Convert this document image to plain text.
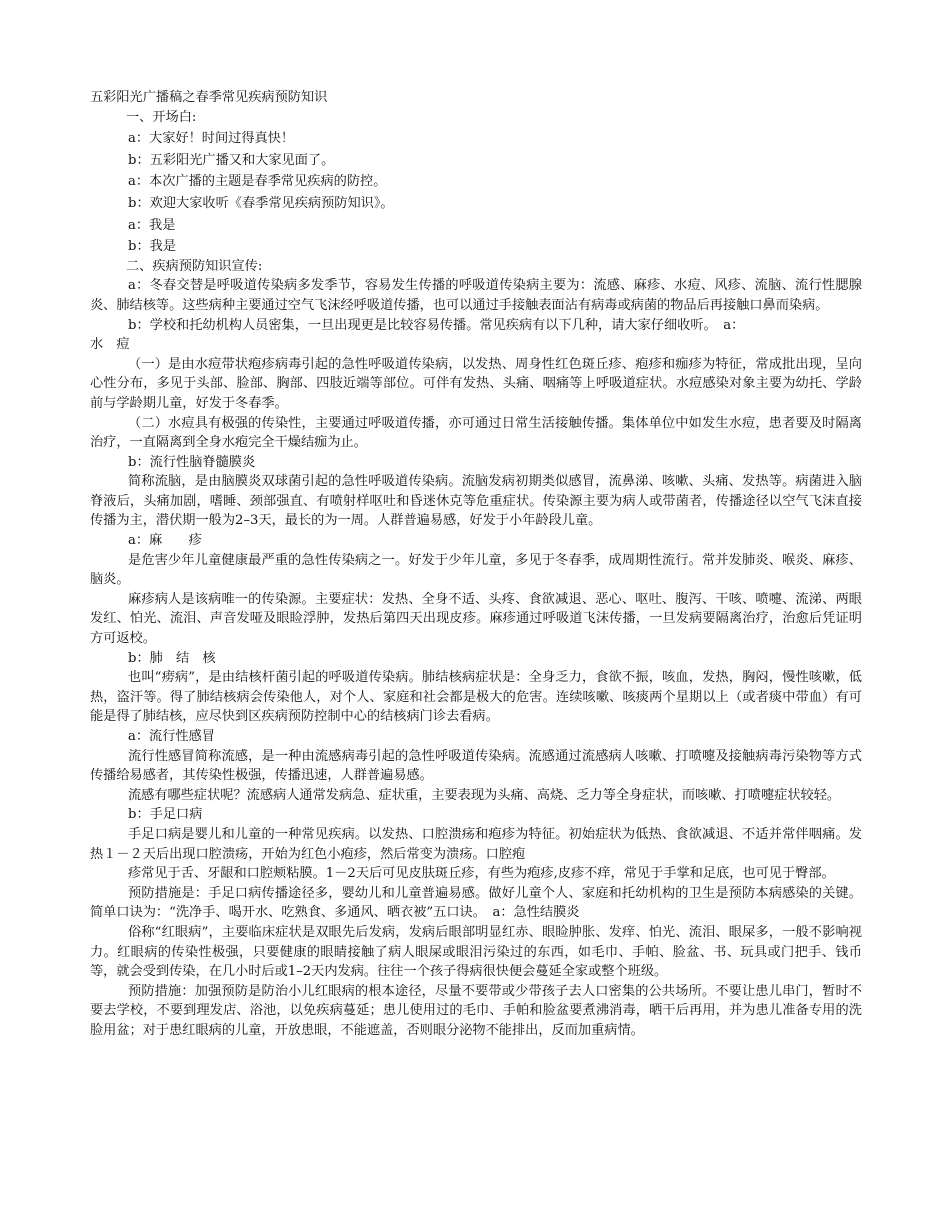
五彩阳光广播稿之春季常见疾病预防知识

一、开场白:

a：大家好！时间过得真快！

b：五彩阳光广播又和大家见面了。

a：本次广播的主题是春季常见疾病的防控。

b：欢迎大家收听《春季常见疾病预防知识》。

a：我是

b：我是

二、疾病预防知识宣传:

a：冬春交替是呼吸道传染病多发季节，容易发生传播的呼吸道传染病主要为：流感、麻疹、水痘、风疹、流脑、流行性腮腺炎、肺结核等。这些病种主要通过空气飞沫经呼吸道传播，也可以通过手接触表面沾有病毒或病菌的物品后再接触口鼻而染病。

b：学校和托幼机构人员密集，一旦出现更是比较容易传播。常见疾病有以下几种，请大家仔细收听。　a：

水　痘

（一）是由水痘带状疱疹病毒引起的急性呼吸道传染病，以发热、周身性红色斑丘疹、疱疹和痂疹为特征，常成批出现，呈向心性分布，多见于头部、脸部、胸部、四肢近端等部位。可伴有发热、头痛、咽痛等上呼吸道症状。水痘感染对象主要为幼托、学龄前与学龄期儿童，好发于冬春季。

（二）水痘具有极强的传染性，主要通过呼吸道传播，亦可通过日常生活接触传播。集体单位中如发生水痘，患者要及时隔离治疗，一直隔离到全身水疱完全干燥结痂为止。

b：流行性脑脊髓膜炎

简称流脑，是由脑膜炎双球菌引起的急性呼吸道传染病。流脑发病初期类似感冒，流鼻涕、咳嗽、头痛、发热等。病菌进入脑脊液后，头痛加剧，嗜睡、颈部强直、有喷射样呕吐和昏迷休克等危重症状。传染源主要为病人或带菌者，传播途径以空气飞沫直接传播为主，潜伏期一般为2–3天，最长的为一周。人群普遍易感，好发于小年龄段儿童。

a：麻　　疹

是危害少年儿童健康最严重的急性传染病之一。好发于少年儿童，多见于冬春季，成周期性流行。常并发肺炎、喉炎、麻疹、脑炎。

麻疹病人是该病唯一的传染源。主要症状：发热、全身不适、头疼、食欲减退、恶心、呕吐、腹泻、干咳、喷嚏、流涕、两眼发红、怕光、流泪、声音发哑及眼睑浮肿，发热后第四天出现皮疹。麻疹通过呼吸道飞沫传播，一旦发病要隔离治疗，治愈后凭证明方可返校。

b：肺　结　核

也叫“痨病”，是由结核杆菌引起的呼吸道传染病。肺结核病症状是：全身乏力，食欲不振，咳血，发热，胸闷，慢性咳嗽，低热，盗汗等。得了肺结核病会传染他人，对个人、家庭和社会都是极大的危害。连续咳嗽、咳痰两个星期以上（或者痰中带血）有可能是得了肺结核，应尽快到区疾病预防控制中心的结核病门诊去看病。

a：流行性感冒

流行性感冒简称流感，是一种由流感病毒引起的急性呼吸道传染病。流感通过流感病人咳嗽、打喷嚏及接触病毒污染物等方式传播给易感者，其传染性极强，传播迅速，人群普遍易感。

流感有哪些症状呢？流感病人通常发病急、症状重，主要表现为头痛、高烧、乏力等全身症状，而咳嗽、打喷嚏症状较轻。

b：手足口病

手足口病是婴儿和儿童的一种常见疾病。以发热、口腔溃疡和疱疹为特征。初始症状为低热、食欲减退、不适并常伴咽痛。发热１－２天后出现口腔溃疡，开始为红色小疱疹，然后常变为溃疡。口腔疱

疹常见于舌、牙龈和口腔颊粘膜。1－2天后可见皮肤斑丘疹，有些为疱疹,皮疹不痒，常见于手掌和足底，也可见于臀部。

预防措施是：手足口病传播途径多，婴幼儿和儿童普遍易感。做好儿童个人、家庭和托幼机构的卫生是预防本病感染的关键。简单口诀为：“洗净手、喝开水、吃熟食、多通风、晒衣被”五口诀。　a：急性结膜炎

俗称“红眼病”，主要临床症状是双眼先后发病，发病后眼部明显红赤、眼睑肿胀、发痒、怕光、流泪、眼屎多，一般不影响视力。红眼病的传染性极强，只要健康的眼睛接触了病人眼屎或眼泪污染过的东西，如毛巾、手帕、脸盆、书、玩具或门把手、钱币等，就会受到传染，在几小时后或1–2天内发病。往往一个孩子得病很快便会蔓延全家或整个班级。

预防措施：加强预防是防治小儿红眼病的根本途径，尽量不要带或少带孩子去人口密集的公共场所。不要让患儿串门，暂时不要去学校，不要到理发店、浴池，以免疾病蔓延；患儿使用过的毛巾、手帕和脸盆要煮沸消毒，晒干后再用，并为患儿准备专用的洗脸用盆；对于患红眼病的儿童，开放患眼，不能遮盖，否则眼分泌物不能排出，反而加重病情。
